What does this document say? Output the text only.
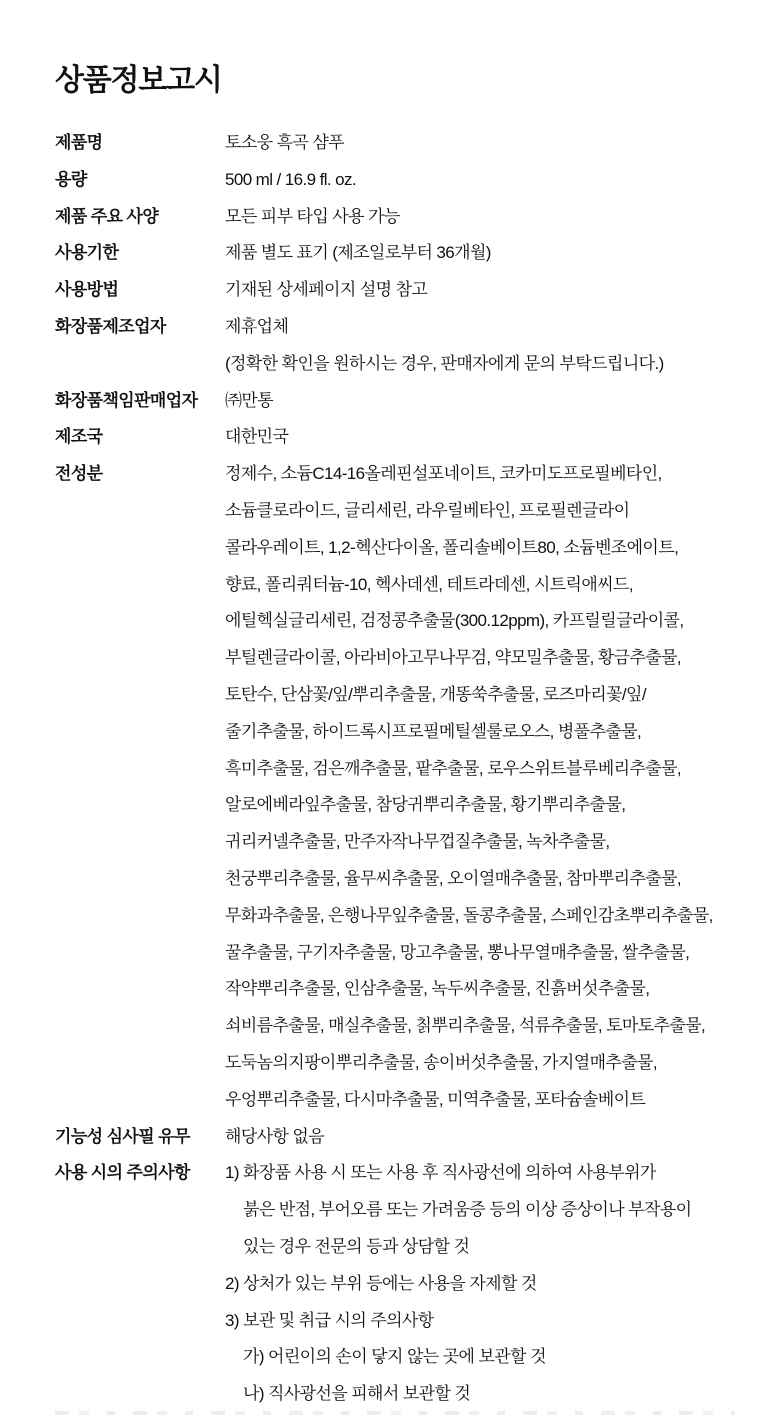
상품정보고시
제품명	토소웅 흑곡 샴푸
용량	500 ml / 16.9 fl. oz.
제품 주요 사양	모든 피부 타입 사용 가능
사용기한	제품 별도 표기 (제조일로부터 36개월)
사용방법	기재된 상세페이지 설명 참고
화장품제조업자	제휴업체
(정확한 확인을 원하시는 경우, 판매자에게 문의 부탁드립니다.)
화장품책임판매업자	㈜만통
제조국	대한민국
전성분	정제수, 소듐C14-16올레핀설포네이트, 코카미도프로필베타인,
소듐클로라이드, 글리세린, 라우릴베타인, 프로필렌글라이
콜라우레이트, 1,2-헥산다이올, 폴리솔베이트80, 소듐벤조에이트,
향료, 폴리쿼터늄-10, 헥사데센, 테트라데센, 시트릭애씨드,
에틸헥실글리세린, 검정콩추출물(300.12ppm), 카프릴릴글라이콜,
부틸렌글라이콜, 아라비아고무나무검, 약모밀추출물, 황금추출물,
토탄수, 단삼꽃/잎/뿌리추출물, 개똥쑥추출물, 로즈마리꽃/잎/
줄기추출물, 하이드록시프로필메틸셀룰로오스, 병풀추출물,
흑미추출물, 검은깨추출물, 팥추출물, 로우스위트블루베리추출물,
알로에베라잎추출물, 참당귀뿌리추출물, 황기뿌리추출물,
귀리커넬추출물, 만주자작나무껍질추출물, 녹차추출물,
천궁뿌리추출물, 율무씨추출물, 오이열매추출물, 참마뿌리추출물,
무화과추출물, 은행나무잎추출물, 돌콩추출물, 스페인감초뿌리추출물,
꿀추출물, 구기자추출물, 망고추출물, 뽕나무열매추출물, 쌀추출물,
작약뿌리추출물, 인삼추출물, 녹두씨추출물, 진흙버섯추출물,
쇠비름추출물, 매실추출물, 칡뿌리추출물, 석류추출물, 토마토추출물,
도둑놈의지팡이뿌리추출물, 송이버섯추출물, 가지열매추출물,
우엉뿌리추출물, 다시마추출물, 미역추출물, 포타슘솔베이트
기능성 심사필 유무	해당사항 없음
사용 시의 주의사항	1) 화장품 사용 시 또는 사용 후 직사광선에 의하여 사용부위가
붉은 반점, 부어오름 또는 가려움증 등의 이상 증상이나 부작용이
있는 경우 전문의 등과 상담할 것
2) 상처가 있는 부위 등에는 사용을 자제할 것
3) 보관 및 취급 시의 주의사항
가) 어린이의 손이 닿지 않는 곳에 보관할 것
나) 직사광선을 피해서 보관할 것
